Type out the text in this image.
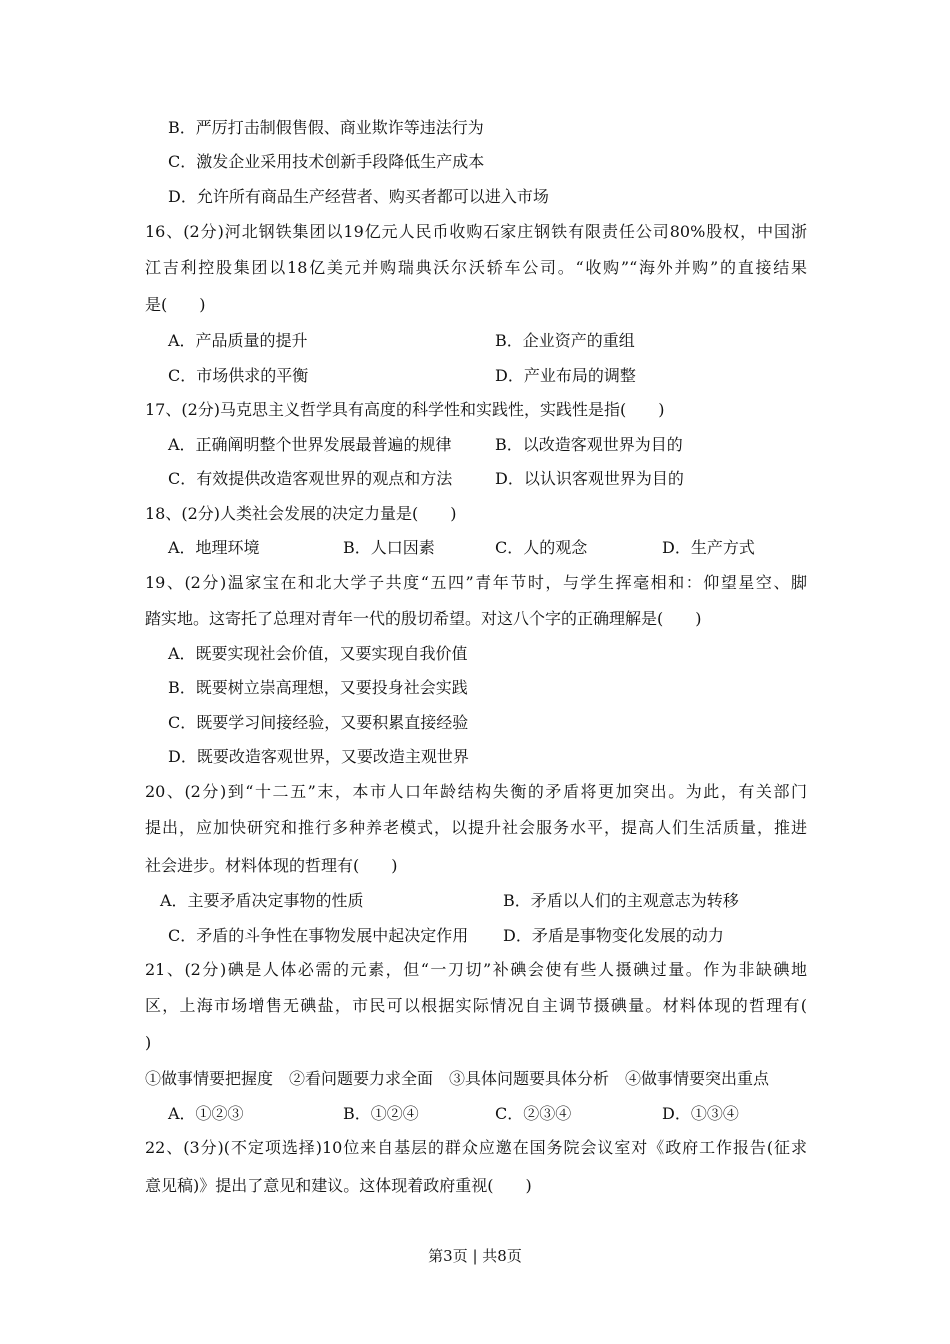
B．严厉打击制假售假、商业欺诈等违法行为
C．激发企业采用技术创新手段降低生产成本
D．允许所有商品生产经营者、购买者都可以进入市场
16、(2分)河北钢铁集团以19亿元人民币收购石家庄钢铁有限责任公司80%股权，中国浙
江吉利控股集团以18亿美元并购瑞典沃尔沃轿车公司。“收购”“海外并购”的直接结果
是(　　)
A．产品质量的提升	B．企业资产的重组
C．市场供求的平衡	D．产业布局的调整
17、(2分)马克思主义哲学具有高度的科学性和实践性，实践性是指(　　)
A．正确阐明整个世界发展最普遍的规律	B．以改造客观世界为目的
C．有效提供改造客观世界的观点和方法	D．以认识客观世界为目的
18、(2分)人类社会发展的决定力量是(　　)
A．地理环境	B．人口因素	C．人的观念	D．生产方式
19、(2分)温家宝在和北大学子共度“五四”青年节时，与学生挥毫相和：仰望星空、脚
踏实地。这寄托了总理对青年一代的殷切希望。对这八个字的正确理解是(　　)
A．既要实现社会价值，又要实现自我价值
B．既要树立崇高理想，又要投身社会实践
C．既要学习间接经验，又要积累直接经验
D．既要改造客观世界，又要改造主观世界
20、(2分)到“十二五”末，本市人口年龄结构失衡的矛盾将更加突出。为此，有关部门
提出，应加快研究和推行多种养老模式，以提升社会服务水平，提高人们生活质量，推进
社会进步。材料体现的哲理有(　　)
A．主要矛盾决定事物的性质	B．矛盾以人们的主观意志为转移
C．矛盾的斗争性在事物发展中起决定作用 D．矛盾是事物变化发展的动力
21、(2分)碘是人体必需的元素，但“一刀切”补碘会使有些人摄碘过量。作为非缺碘地
区，上海市场增售无碘盐，市民可以根据实际情况自主调节摄碘量。材料体现的哲理有(
)
①做事情要把握度　②看问题要力求全面　③具体问题要具体分析　④做事情要突出重点
A．①②③	B．①②④	C．②③④	D．①③④
22、(3分)(不定项选择)10位来自基层的群众应邀在国务院会议室对《政府工作报告(征求
意见稿)》提出了意见和建议。这体现着政府重视(　　)
第3页 | 共8页
